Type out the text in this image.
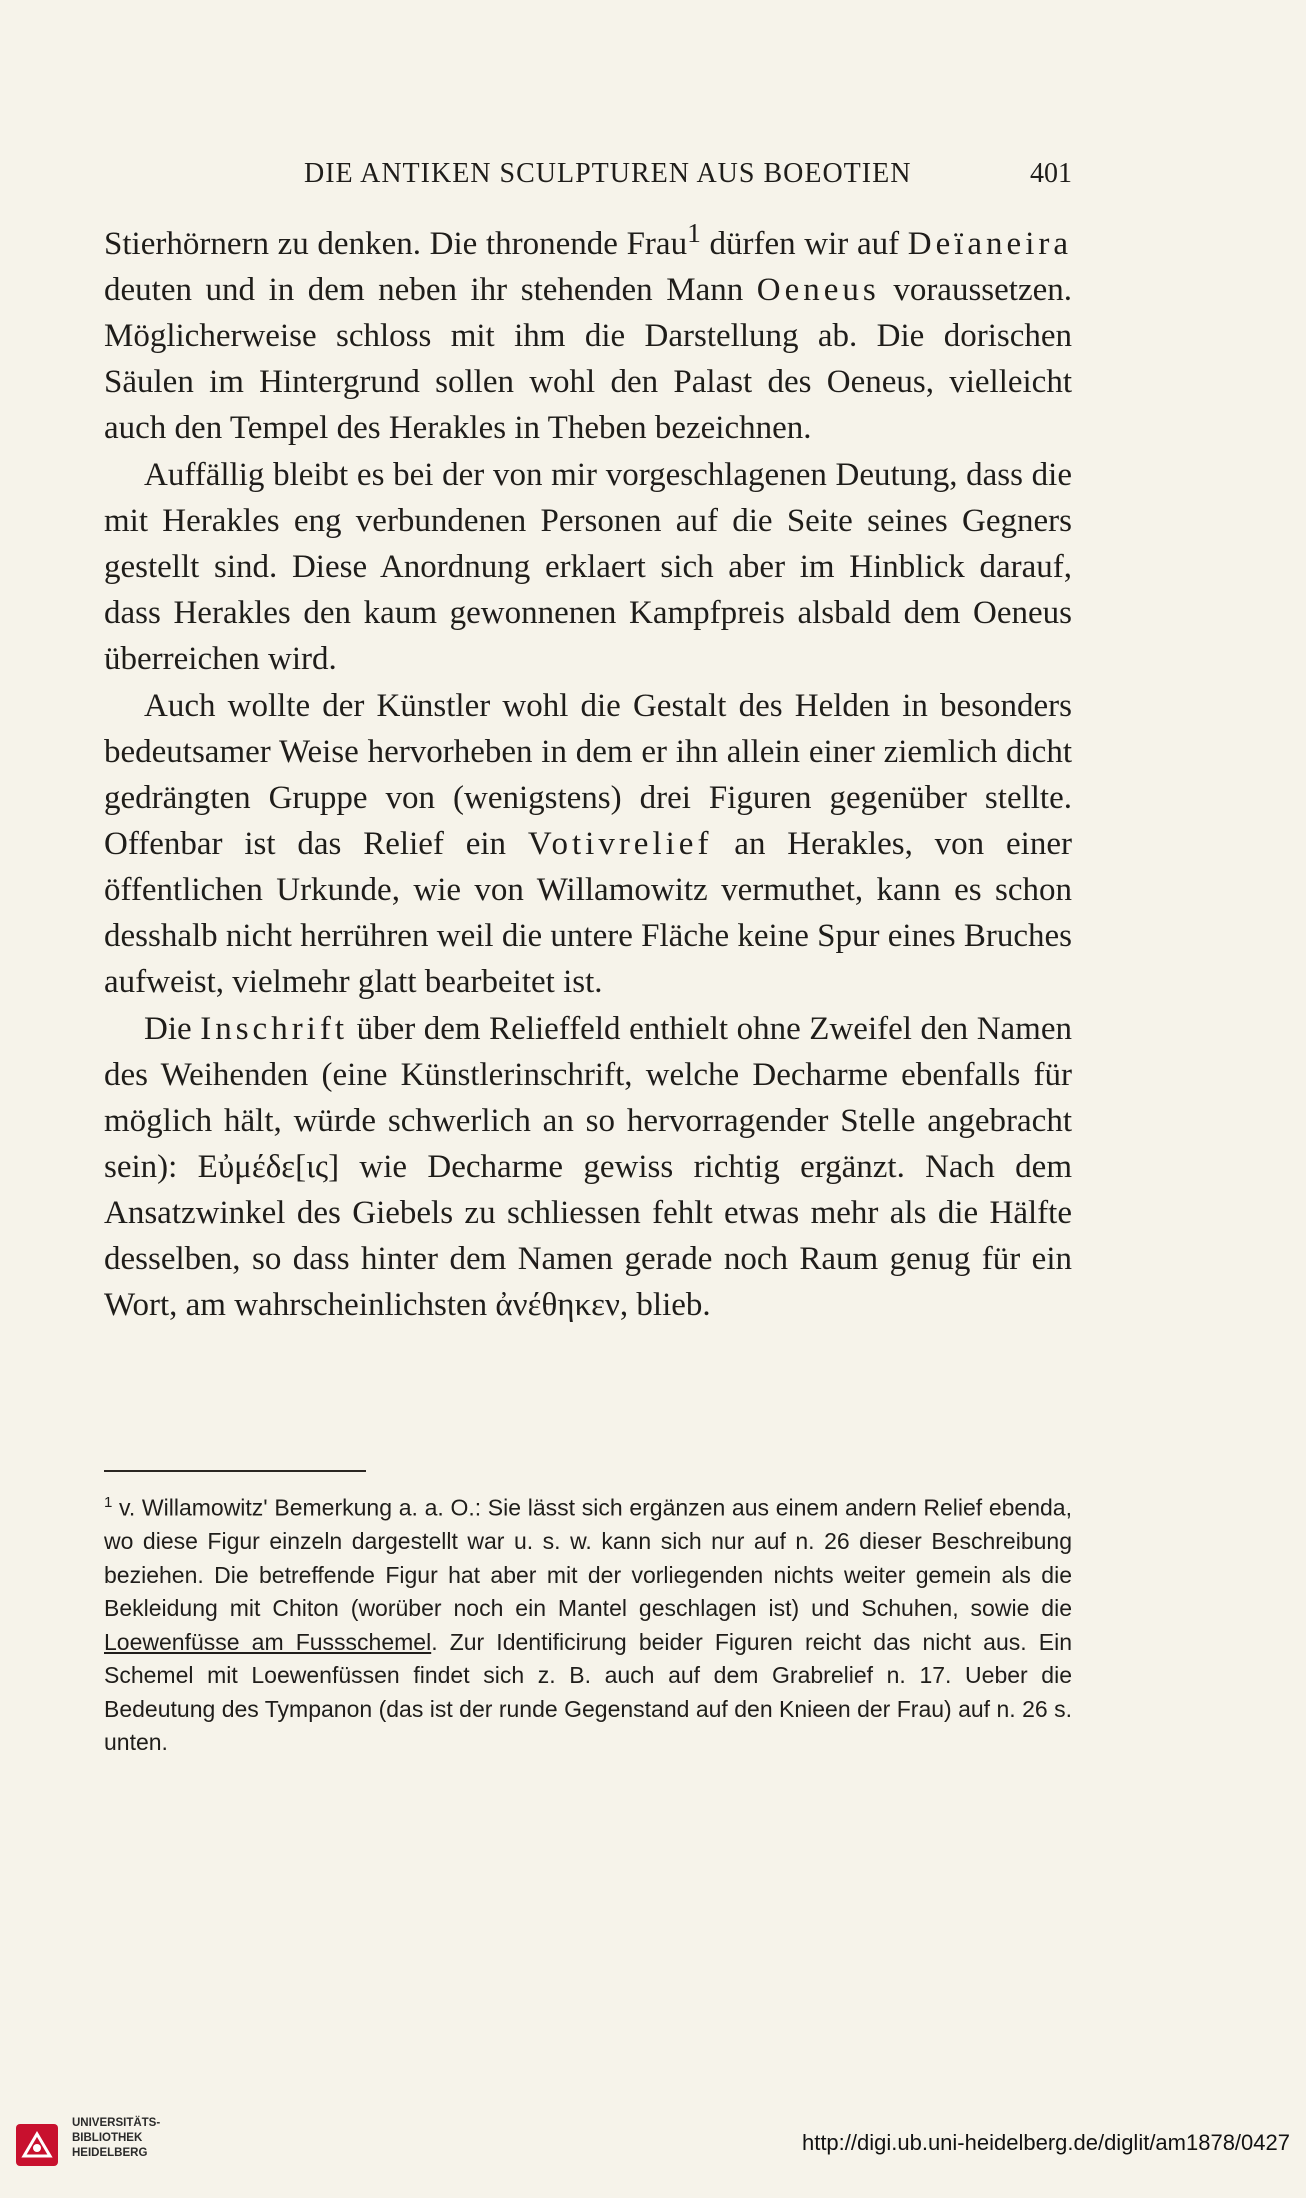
DIE ANTIKEN SCULPTUREN AUS BOEOTIEN	401

Stierhörnern zu denken. Die thronende Frau$^1$ dürfen wir auf Deïaneira deuten und in dem neben ihr stehenden Mann Oeneus voraussetzen. Möglicherweise schloss mit ihm die Darstellung ab. Die dorischen Säulen im Hintergrund sollen wohl den Palast des Oeneus, vielleicht auch den Tempel des Herakles in Theben bezeichnen.

Auffällig bleibt es bei der von mir vorgeschlagenen Deutung, dass die mit Herakles eng verbundenen Personen auf die Seite seines Gegners gestellt sind. Diese Anordnung erklaert sich aber im Hinblick darauf, dass Herakles den kaum gewonnenen Kampfpreis alsbald dem Oeneus überreichen wird.

Auch wollte der Künstler wohl die Gestalt des Helden in besonders bedeutsamer Weise hervorheben in dem er ihn allein einer ziemlich dicht gedrängten Gruppe von (wenigstens) drei Figuren gegenüber stellte. Offenbar ist das Relief ein Votivrelief an Herakles, von einer öffentlichen Urkunde, wie von Willamowitz vermuthet, kann es schon desshalb nicht herrühren weil die untere Fläche keine Spur eines Bruches aufweist, vielmehr glatt bearbeitet ist.

Die Inschrift über dem Relieffeld enthielt ohne Zweifel den Namen des Weihenden (eine Künstlerinschrift, welche Decharme ebenfalls für möglich hält, würde schwerlich an so hervorragender Stelle angebracht sein): Εὐμέδε[ις] wie Decharme gewiss richtig ergänzt. Nach dem Ansatzwinkel des Giebels zu schliessen fehlt etwas mehr als die Hälfte desselben, so dass hinter dem Namen gerade noch Raum genug für ein Wort, am wahrscheinlichsten ἀνέθηκεν, blieb.

$^1$ v. Willamowitz' Bemerkung a. a. O.: Sie lässt sich ergänzen aus einem andern Relief ebenda, wo diese Figur einzeln dargestellt war u. s. w. kann sich nur auf n. 26 dieser Beschreibung beziehen. Die betreffende Figur hat aber mit der vorliegenden nichts weiter gemein als die Bekleidung mit Chiton (worüber noch ein Mantel geschlagen ist) und Schuhen, sowie die Loewenfüsse am Fussschemel. Zur Identificirung beider Figuren reicht das nicht aus. Ein Schemel mit Loewenfüssen findet sich z. B. auch auf dem Grabrelief n. 17. Ueber die Bedeutung des Tympanon (das ist der runde Gegenstand auf den Knieen der Frau) auf n. 26 s. unten.
UNIVERSITÄTS-
BIBLIOTHEK
HEIDELBERG	http://digi.ub.uni-heidelberg.de/diglit/am1878/0427
